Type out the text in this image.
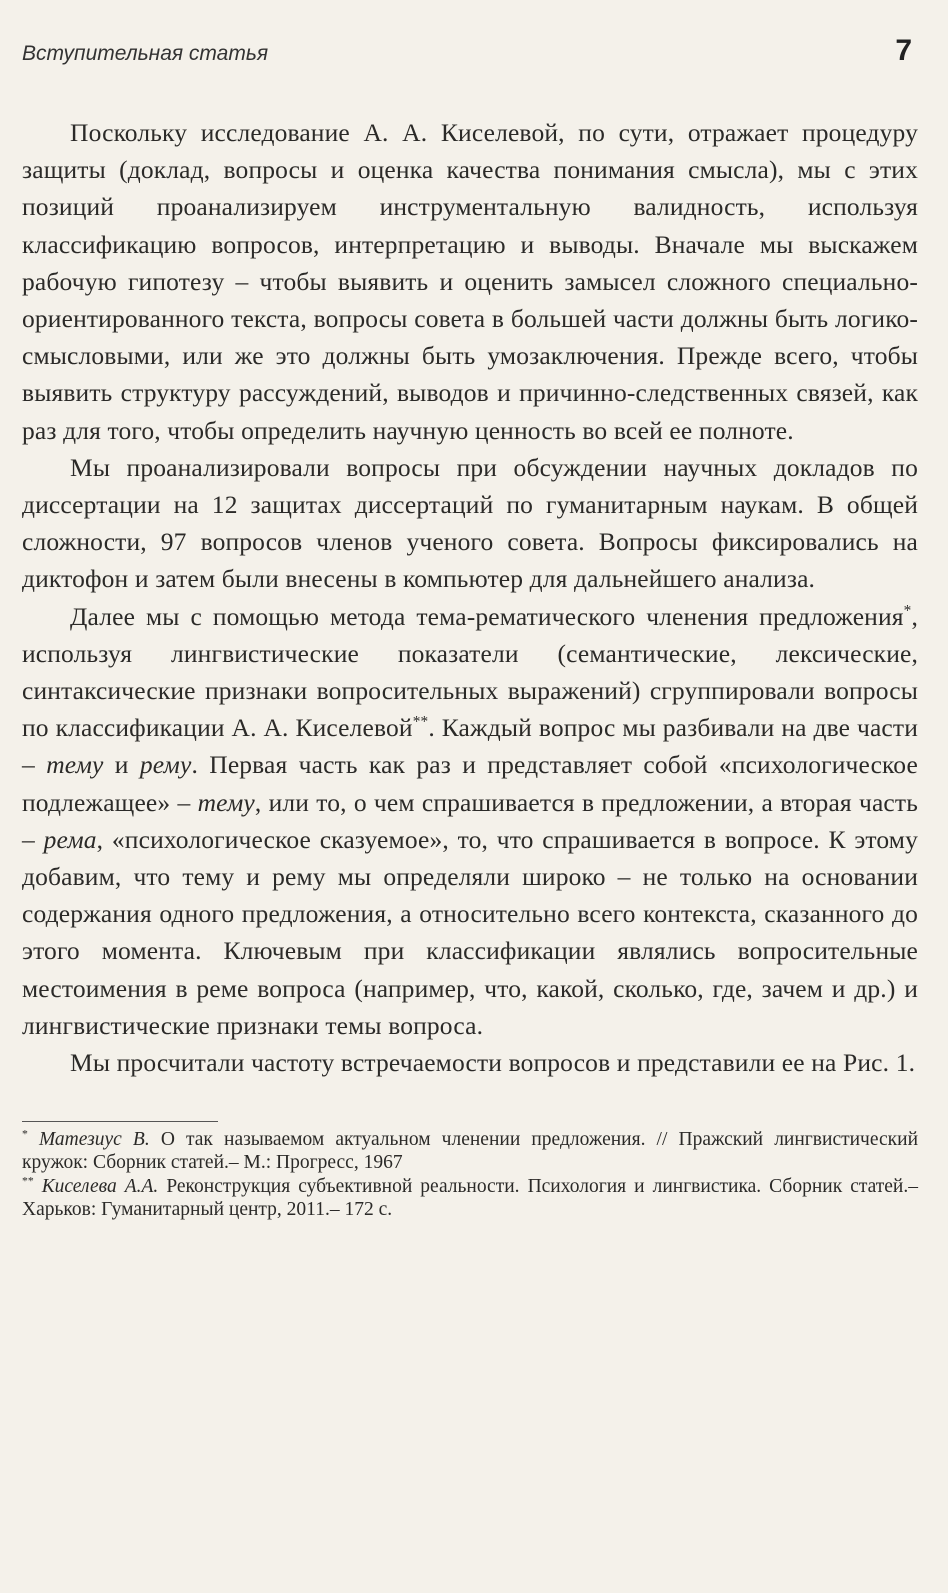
Вступительная статья	7

Поскольку исследование А. А. Киселевой, по сути, отражает процедуру защиты (доклад, вопросы и оценка качества понимания смысла), мы с этих позиций проанализируем инструментальную валидность, используя классификацию вопросов, интерпретацию и выводы. Вначале мы выскажем рабочую гипотезу – чтобы выявить и оценить замысел сложного специально-ориентированного текста, вопросы совета в большей части должны быть логико-смысловыми, или же это должны быть умозаключения. Прежде всего, чтобы выявить структуру рассуждений, выводов и причинно-следственных связей, как раз для того, чтобы определить научную ценность во всей ее полноте.

Мы проанализировали вопросы при обсуждении научных докладов по диссертации на 12 защитах диссертаций по гуманитарным наукам. В общей сложности, 97 вопросов членов ученого совета. Вопросы фиксировались на диктофон и затем были внесены в компьютер для дальнейшего анализа.

Далее мы с помощью метода тема-рематического членения предложения*, используя лингвистические показатели (семантические, лексические, синтаксические признаки вопросительных выражений) сгруппировали вопросы по классификации А. А. Киселевой**. Каждый вопрос мы разбивали на две части – тему и рему. Первая часть как раз и представляет собой «психологическое подлежащее» – тему, или то, о чем спрашивается в предложении, а вторая часть – рема, «психологическое сказуемое», то, что спрашивается в вопросе. К этому добавим, что тему и рему мы определяли широко – не только на основании содержания одного предложения, а относительно всего контекста, сказанного до этого момента. Ключевым при классификации являлись вопросительные местоимения в реме вопроса (например, что, какой, сколько, где, зачем и др.) и лингвистические признаки темы вопроса.

Мы просчитали частоту встречаемости вопросов и представили ее на Рис. 1.

* Матезиус В. О так называемом актуальном членении предложения. // Пражский лингвистический кружок: Сборник статей.– М.: Прогресс, 1967
** Киселева А.А. Реконструкция субъективной реальности. Психология и лингвистика. Сборник статей.– Харьков: Гуманитарный центр, 2011.– 172 с.
